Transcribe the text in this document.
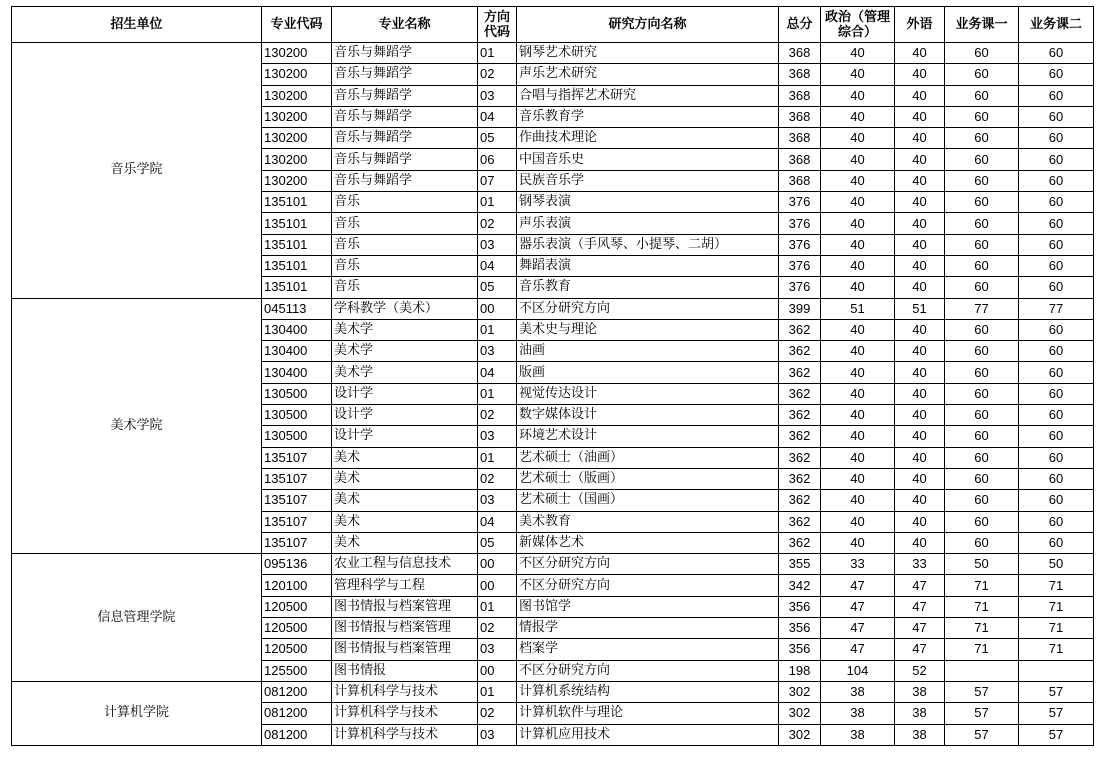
招生单位	专业代码	专业名称	方向代码	研究方向名称	总分	政治（管理综合）	外语	业务课一	业务课二
音乐学院	130200	音乐与舞蹈学	01	钢琴艺术研究	368	40	40	60	60
	130200	音乐与舞蹈学	02	声乐艺术研究	368	40	40	60	60
	130200	音乐与舞蹈学	03	合唱与指挥艺术研究	368	40	40	60	60
	130200	音乐与舞蹈学	04	音乐教育学	368	40	40	60	60
	130200	音乐与舞蹈学	05	作曲技术理论	368	40	40	60	60
	130200	音乐与舞蹈学	06	中国音乐史	368	40	40	60	60
	130200	音乐与舞蹈学	07	民族音乐学	368	40	40	60	60
	135101	音乐	01	钢琴表演	376	40	40	60	60
	135101	音乐	02	声乐表演	376	40	40	60	60
	135101	音乐	03	器乐表演（手风琴、小提琴、二胡）	376	40	40	60	60
	135101	音乐	04	舞蹈表演	376	40	40	60	60
	135101	音乐	05	音乐教育	376	40	40	60	60
美术学院	045113	学科教学（美术）	00	不区分研究方向	399	51	51	77	77
	130400	美术学	01	美术史与理论	362	40	40	60	60
	130400	美术学	03	油画	362	40	40	60	60
	130400	美术学	04	版画	362	40	40	60	60
	130500	设计学	01	视觉传达设计	362	40	40	60	60
	130500	设计学	02	数字媒体设计	362	40	40	60	60
	130500	设计学	03	环境艺术设计	362	40	40	60	60
	135107	美术	01	艺术硕士（油画）	362	40	40	60	60
	135107	美术	02	艺术硕士（版画）	362	40	40	60	60
	135107	美术	03	艺术硕士（国画）	362	40	40	60	60
	135107	美术	04	美术教育	362	40	40	60	60
	135107	美术	05	新媒体艺术	362	40	40	60	60
信息管理学院	095136	农业工程与信息技术	00	不区分研究方向	355	33	33	50	50
	120100	管理科学与工程	00	不区分研究方向	342	47	47	71	71
	120500	图书情报与档案管理	01	图书馆学	356	47	47	71	71
	120500	图书情报与档案管理	02	情报学	356	47	47	71	71
	120500	图书情报与档案管理	03	档案学	356	47	47	71	71
	125500	图书情报	00	不区分研究方向	198	104	52		
计算机学院	081200	计算机科学与技术	01	计算机系统结构	302	38	38	57	57
	081200	计算机科学与技术	02	计算机软件与理论	302	38	38	57	57
	081200	计算机科学与技术	03	计算机应用技术	302	38	38	57	57
